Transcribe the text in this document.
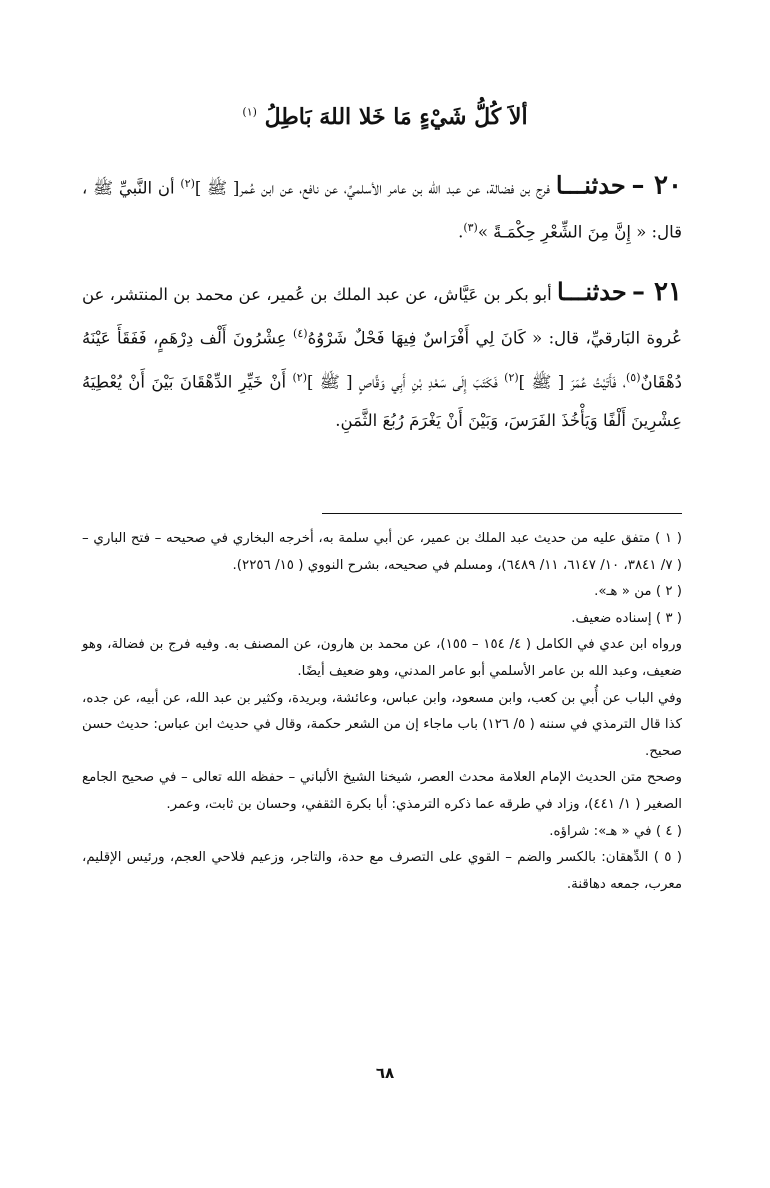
ألاَ كُلُّ شَيْءٍ مَا خَلا اللهَ بَاطِلُ $^{(١)}$
٢٠ – حدثنـــا فرج بن فضالة، عن عبد الله بن عامر الأسلميِّ، عن نافع، عن ابن عُمر[ ﷺ ]$^{(٢)}$ أن النَّبيِّ ﷺ ، قال: « إِنَّ مِنَ الشِّعْرِ حِكْمَـةً »$^{(٣)}$.
٢١ – حدثنـــا أبو بكر بن عَيَّاش، عن عبد الملك بن عُمير، عن محمد بن المنتشر، عن عُروة البَارقيِّ، قال: « كَانَ لِي أَفْرَاسٌ فِيهَا فَحْلٌ شَرْوُهُ$^{(٤)}$ عِشْرُونَ أَلْف دِرْهَمٍ، فَفَقَأَ عَيْنَهُ دُهْقَانٌ$^{(٥)}$، فَأَتَيْتُ عُمَرَ [ ﷺ ]$^{(٢)}$ فَكَتَبَ إِلَى سَعْدِ بْنِ أَبِي وَقَّاصٍ [ ﷺ ]$^{(٢)}$ أَنْ خَيِّرِ الدِّهْقَانَ بَيْنَ أَنْ يُعْطِيَهُ عِشْرِينَ أَلْفًا وَيَأْخُذَ الفَرَسَ، وَبَيْنَ أَنْ يَغْرَمَ رُبُعَ الثَّمَنِ.

( ١ ) متفق عليه من حديث عبد الملك بن عمير، عن أبي سلمة به، أخرجه البخاري في صحيحه – فتح الباري – ( ٧/ ٣٨٤١، ١٠/ ٦١٤٧، ١١/ ٦٤٨٩)، ومسلم في صحيحه، بشرح النووي ( ١٥/ ٢٢٥٦).

( ٢ ) من « هـ».

( ٣ ) إسناده ضعيف.

ورواه ابن عدي في الكامل ( ٤/ ١٥٤ – ١٥٥)، عن محمد بن هارون، عن المصنف به. وفيه فرج بن فضالة، وهو ضعيف، وعبد الله بن عامر الأسلمي أبو عامر المدني، وهو ضعيف أيضًا.

وفي الباب عن أُبي بن كعب، وابن مسعود، وابن عباس، وعائشة، وبريدة، وكثير بن عبد الله، عن أبيه، عن جده، كذا قال الترمذي في سننه ( ٥/ ١٢٦) باب ماجاء إن من الشعر حكمة، وقال في حديث ابن عباس: حديث حسن صحيح.

وصحح متن الحديث الإمام العلامة محدث العصر، شيخنا الشيخ الألباني – حفظه الله تعالى – في صحيح الجامع الصغير ( ١/ ٤٤١)، وزاد في طرقه عما ذكره الترمذي: أبا بكرة الثقفي، وحسان بن ثابت، وعمر.

( ٤ ) في « هـ»: شراؤه.

( ٥ ) الدِّهقان: بالكسر والضم – القوي على التصرف مع حدة، والتاجر، وزعيم فلاحي العجم، ورئيس الإقليم، معرب، جمعه دهاقنة.

٦٨
